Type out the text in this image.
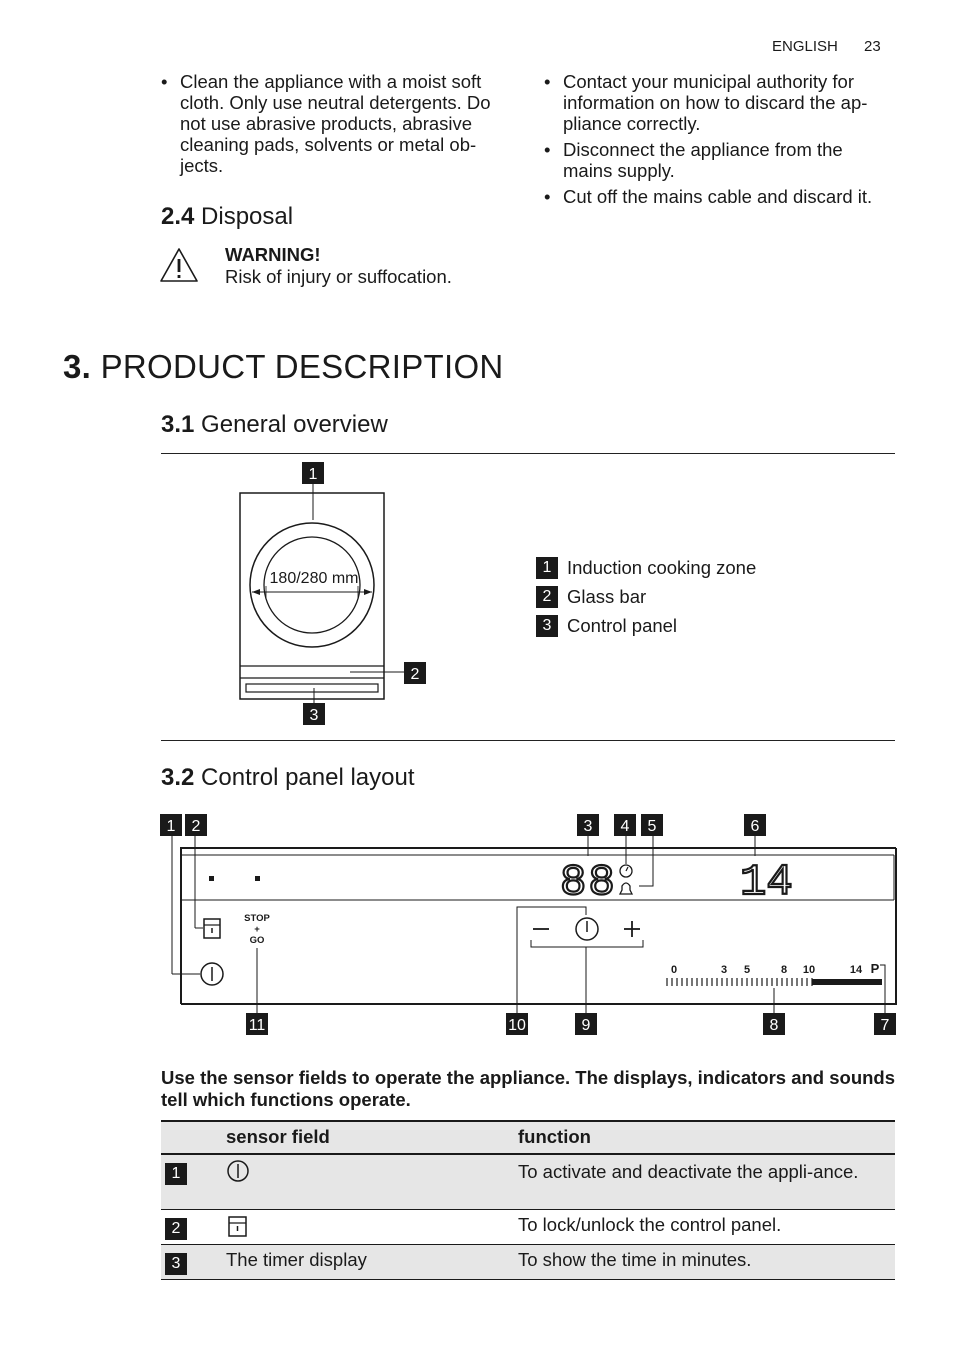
ENGLISH 23
• Clean the appliance with a moist soft cloth. Only use neutral detergents. Do not use abrasive products, abrasive cleaning pads, solvents or metal ob-jects.
• Contact your municipal authority for information on how to discard the ap-pliance correctly.
• Disconnect the appliance from the mains supply.
• Cut off the mains cable and discard it.
2.4 Disposal
WARNING!
Risk of injury or suffocation.
3. PRODUCT DESCRIPTION
3.1 General overview
180/280 mm
1
2
3
1 Induction cooking zone
2 Glass bar
3 Control panel
3.2 Control panel layout
88	14
STOP
+
GO
0	3 5	8 10	14 P
1 2	3 4 5	6
11	10	9	8	7
Use the sensor fields to operate the appliance. The displays, indicators and sounds tell which functions operate.
	sensor field	function
1		To activate and deactivate the appli-ance.
2		To lock/unlock the control panel.
3	The timer display	To show the time in minutes.
